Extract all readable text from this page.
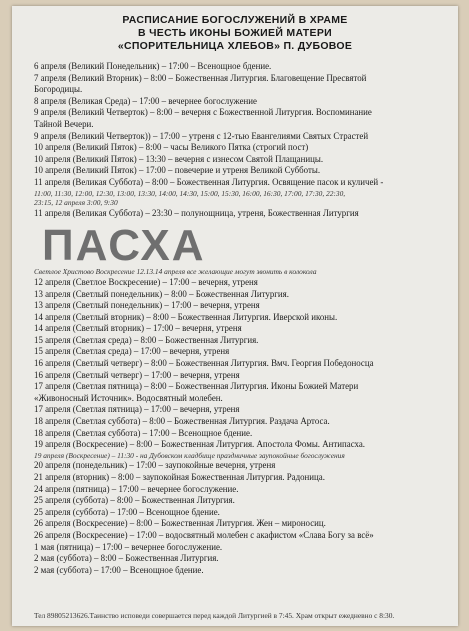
РАСПИСАНИЕ БОГОСЛУЖЕНИЙ В ХРАМЕ
В ЧЕСТЬ ИКОНЫ БОЖИЕЙ МАТЕРИ
«СПОРИТЕЛЬНИЦА ХЛЕБОВ» П. ДУБОВОЕ
6 апреля (Великий Понедельник) – 17:00 – Всенощное бдение.
7 апреля (Великий Вторник) – 8:00 – Божественная Литургия. Благовещение Пресвятой
Богородицы.
8 апреля (Великая Среда) – 17:00 – вечернее богослужение
9 апреля (Великий Четверток) – 8:00 – вечерня с Божественной Литургия. Воспоминание
Тайной Вечери.
9 апреля (Великий Четверток)) – 17:00 – утреня с 12-тью Евангелиями Святых Страстей
10 апреля (Великий Пяток) – 8:00 – часы Великого Пятка (строгий пост)
10 апреля (Великий Пяток) – 13:30 – вечерня с изнесом Святой Плащаницы.
10 апреля (Великий Пяток) – 17:00 – повечерие и утреня Великой Субботы.
11 апреля (Великая Суббота) – 8:00 – Божественная Литургия. Освящение пасок и куличей -
11:00, 11:30, 12:00, 12:30, 13:00, 13:30, 14:00, 14:30, 15:00, 15:30, 16:00, 16:30, 17:00, 17:30, 22:30,
23:15, 12 апреля 3:00, 9:30
11 апреля (Великая Суббота) – 23:30 – полунощница, утреня, Божественная Литургия
ПАСХА
Светлое Христово Воскресение 12.13.14 апреля все желающие могут звонить в колокола
12 апреля (Светлое Воскресение) – 17:00 – вечерня, утреня
13 апреля (Светлый понедельник) – 8:00 – Божественная Литургия.
13 апреля (Светлый понедельник) – 17:00 – вечерня, утреня
14 апреля (Светлый вторник) – 8:00 – Божественная Литургия. Иверской иконы.
14 апреля (Светлый вторник) – 17:00 – вечерня, утреня
15 апреля (Светлая среда) – 8:00 – Божественная Литургия.
15 апреля (Светлая среда) – 17:00 – вечерня, утреня
16 апреля (Светлый четверг) – 8:00 – Божественная Литургия. Вмч. Георгия Победоносца
16 апреля (Светлый четверг) – 17:00 – вечерня, утреня
17 апреля (Светлая пятница) – 8:00 – Божественная Литургия. Иконы Божией Матери
«Живоносный Источник». Водосвятный молебен.
17 апреля (Светлая пятница) – 17:00 – вечерня, утреня
18 апреля (Светлая суббота) – 8:00 – Божественная Литургия. Раздача Артоса.
18 апреля (Светлая суббота) – 17:00 – Всенощное бдение.
19 апреля (Воскресение) – 8:00 – Божественная Литургия. Апостола Фомы. Антипасха.
19 апреля (Воскресение) – 11:30 - на Дубовском кладбище праздничные заупокойные богослужения
20 апреля (понедельник) – 17:00 – заупокойные вечерня, утреня
21 апреля (вторник) – 8:00 – заупокойная Божественная Литургия. Радоница.
24 апреля (пятница) – 17:00 – вечернее богослужение.
25 апреля (суббота) – 8:00 – Божественная Литургия.
25 апреля (суббота) – 17:00 – Всенощное бдение.
26 апреля (Воскресение) – 8:00 – Божественная Литургия. Жен – мироносиц.
26 апреля (Воскресение) – 17:00 – водосвятный молебен с акафистом «Слава Богу за всё»
1 мая (пятница) – 17:00 – вечернее богослужение.
2 мая (суббота) – 8:00 – Божественная Литургия.
2 мая (суббота) – 17:00 – Всенощное бдение.
Тел 89805213626.Таинство исповеди совершается перед каждой Литургией в 7:45. Храм открыт ежедневно с 8:30.
